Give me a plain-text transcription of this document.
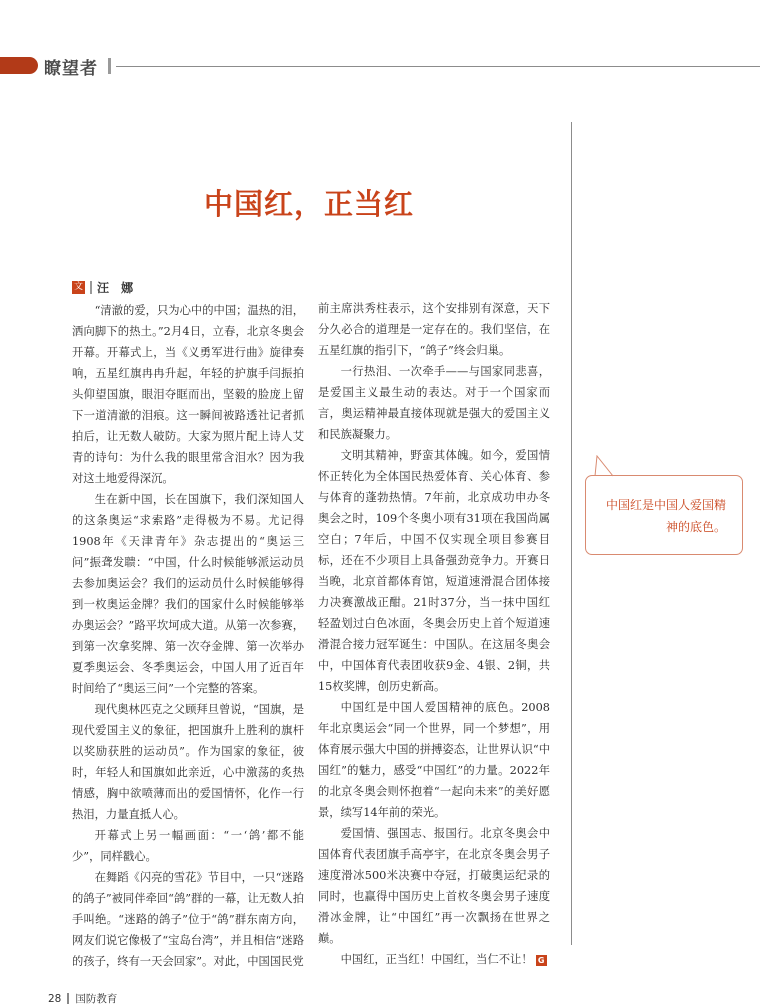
瞭望者
中国红，正当红
文 汪 娜

“清澈的爱，只为心中的中国；温热的泪，洒向脚下的热土。”2月4日，立春，北京冬奥会开幕。开幕式上，当《义勇军进行曲》旋律奏响，五星红旗冉冉升起，年轻的护旗手闫振拍头仰望国旗，眼泪夺眶而出，坚毅的脸庞上留下一道清澈的泪痕。这一瞬间被路透社记者抓拍后，让无数人破防。大家为照片配上诗人艾青的诗句：为什么我的眼里常含泪水？因为我对这土地爱得深沉。

生在新中国，长在国旗下，我们深知国人的这条奥运“求索路”走得极为不易。尤记得1908年《天津青年》杂志提出的“奥运三问”振聋发聩：“中国，什么时候能够派运动员去参加奥运会？我们的运动员什么时候能够得到一枚奥运金牌？我们的国家什么时候能够举办奥运会？”路平坎坷成大道。从第一次参赛，到第一次拿奖牌、第一次夺金牌、第一次举办夏季奥运会、冬季奥运会，中国人用了近百年时间给了“奥运三问”一个完整的答案。

现代奥林匹克之父顾拜旦曾说，“国旗，是现代爱国主义的象征，把国旗升上胜利的旗杆以奖励获胜的运动员”。作为国家的象征，彼时，年轻人和国旗如此亲近，心中激荡的炙热情感，胸中欲喷薄而出的爱国情怀，化作一行热泪，力量直抵人心。

开幕式上另一幅画面：“一‘鸽’都不能少”，同样戳心。

在舞蹈《闪亮的雪花》节目中，一只“迷路的鸽子”被同伴牵回“鸽”群的一幕，让无数人拍手叫绝。“迷路的鸽子”位于“鸽”群东南方向，网友们说它像极了“宝岛台湾”，并且相信“迷路的孩子，终有一天会回家”。对此，中国国民党

前主席洪秀柱表示，这个安排别有深意，天下分久必合的道理是一定存在的。我们坚信，在五星红旗的指引下，“鸽子”终会归巢。

一行热泪、一次牵手——与国家同悲喜，是爱国主义最生动的表达。对于一个国家而言，奥运精神最直接体现就是强大的爱国主义和民族凝聚力。

文明其精神，野蛮其体魄。如今，爱国情怀正转化为全体国民热爱体育、关心体育、参与体育的蓬勃热情。7年前，北京成功申办冬奥会之时，109个冬奥小项有31项在我国尚属空白；7年后，中国不仅实现全项目参赛目标，还在不少项目上具备强劲竞争力。开赛日当晚，北京首都体育馆，短道速滑混合团体接力决赛激战正酣。21时37分，当一抹中国红轻盈划过白色冰面，冬奥会历史上首个短道速滑混合接力冠军诞生：中国队。在这届冬奥会中，中国体育代表团收获9金、4银、2铜，共15枚奖牌，创历史新高。

中国红是中国人爱国精神的底色。2008年北京奥运会“同一个世界，同一个梦想”，用体育展示强大中国的拼搏姿态，让世界认识“中国红”的魅力，感受“中国红”的力量。2022年的北京冬奥会则怀抱着“一起向未来”的美好愿景，续写14年前的荣光。

爱国情、强国志、报国行。北京冬奥会中国体育代表团旗手高亭宇，在北京冬奥会男子速度滑冰500米决赛中夺冠，打破奥运纪录的同时，也赢得中国历史上首枚冬奥会男子速度滑冰金牌，让“中国红”再一次飘扬在世界之巅。

中国红，正当红！中国红，当仁不让！ G

中国红是中国人爱国精神的底色。
28 国防教育
